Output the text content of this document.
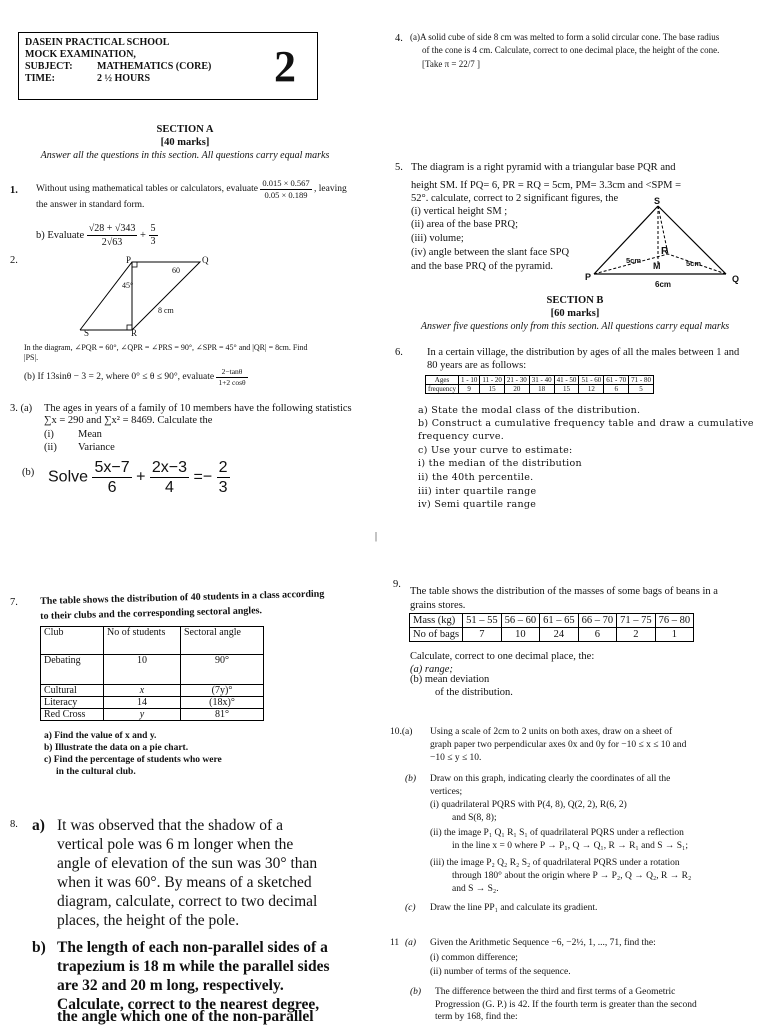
DASEIN PRACTICAL SCHOOL
MOCK EXAMINATION,
SUBJECT: MATHEMATICS (CORE)
TIME:	2 ½ HOURS	2
SECTION A
[40 marks]
Answer all the questions in this section. All questions carry equal marks
1. Without using mathematical tables or calculators, evaluate $\frac{0.015 \times 0.567}{0.05 \times 0.189}$ , leaving
the answer in standard form.
b) Evaluate $\frac{√28 + √343}{2√63} + \frac{5}{3}$
2.	Q
P
60
45°
8 cm
S	R
In the diagram, ∠PQR = 60°, ∠QPR = ∠PRS = 90°, ∠SPR = 45° and |QR| = 8cm. Find
|PS|.
(b) If 13sinθ − 3 = 2, where 0° ≤ θ ≤ 90°, evaluate $\frac{2-\tan\theta}{1+2 \cos\theta}$
3. (a) The ages in years of a family of 10 members have the following statistics
∑x = 290 and ∑x² = 8469. Calculate the
(i) Mean
(ii) Variance
(b) Solve $\frac{5x-7}{6} + \frac{2x-3}{4} =- \frac{2}{3}$
4. (a)A solid cube of side 8 cm was melted to form a solid circular cone. The base radius
of the cone is 4 cm. Calculate, correct to one decimal place, the height of the cone.
[Take π = 22/7 ]
5. The diagram is a right pyramid with a triangular base PQR and
height SM. If PQ= 6, PR = RQ = 5cm, PM= 3.3cm and <SPM =
52°. calculate, correct to 2 significant figures, the
(i) vertical height SM ;
(ii) area of the base PRQ;
(iii) volume;
(iv) angle between the slant face SPQ
and the base PRQ of the pyramid.
S
R
M
5cm	5cm
P	Q
6cm
SECTION B
[60 marks]
Answer five questions only from this section. All questions carry equal marks
6. In a certain village, the distribution by ages of all the males between 1 and
80 years are as follows:
Ages	1 - 10	11 - 20	21 - 30	31 - 40	41 - 50	51 - 60	61 - 70	71 - 80
frequency	9	15	20	18	15	12	6	5
a) State the modal class of the distribution.
b) Construct a cumulative frequency table and draw a cumulative
frequency curve.
c) Use your curve to estimate:
i) the median of the distribution
ii) the 40th percentile.
iii) inter quartile range
iv) Semi quartile range
|
7. The table shows the distribution of 40 students in a class according
to their clubs and the corresponding sectoral angles.
Club	No of students	Sectoral angle
Debating	10	90°
Cultural	x	(7y)°
Literacy	14	(18x)°
Red Cross	y	81°
a) Find the value of x and y.
b) Illustrate the data on a pie chart.
c) Find the percentage of students who were
in the cultural club.
8. a) It was observed that the shadow of a
vertical pole was 6 m longer when the
angle of elevation of the sun was 30° than
when it was 60°. By means of a sketched
diagram, calculate, correct to two decimal
places, the height of the pole.
b) The length of each non-parallel sides of a
trapezium is 18 m while the parallel sides
are 32 and 20 m long, respectively.
Calculate, correct to the nearest degree,
the angle which one of the non-parallel
9.
The table shows the distribution of the masses of some bags of beans in a
grains stores.
Mass (kg)	51 – 55	56 – 60	61 – 65	66 – 70	71 – 75	76 – 80
No of bags	7	10	24	6	2	1
Calculate, correct to one decimal place, the:
(a) range;
(b) mean deviation
of the distribution.
10.(a) Using a scale of 2cm to 2 units on both axes, draw on a sheet of
graph paper two perpendicular axes 0x and 0y for −10 ≤ x ≤ 10 and
−10 ≤ y ≤ 10.
(b) Draw on this graph, indicating clearly the coordinates of all the
vertices;
(i) quadrilateral PQRS with P(4, 8), Q(2, 2), R(6, 2)
and S(8, 8);
(ii) the image P₁ Q₁ R₁ S₁ of quadrilateral PQRS under a reflection
in the line x = 0 where P → P₁, Q → Q₁, R → R₁ and S → S₁;
(iii) the image P₂ Q₂ R₂ S₂ of quadrilateral PQRS under a rotation
through 180° about the origin where P → P₂, Q → Q₂, R → R₂
and S → S₂.
(c) Draw the line PP₁ and calculate its gradient.
11 (a) Given the Arithmetic Sequence −6, −2½, 1, ..., 71, find the:
(i) common difference;
(ii) number of terms of the sequence.
(b) The difference between the third and first terms of a Geometric
Progression (G. P.) is 42. If the fourth term is greater than the second
term by 168, find the:
